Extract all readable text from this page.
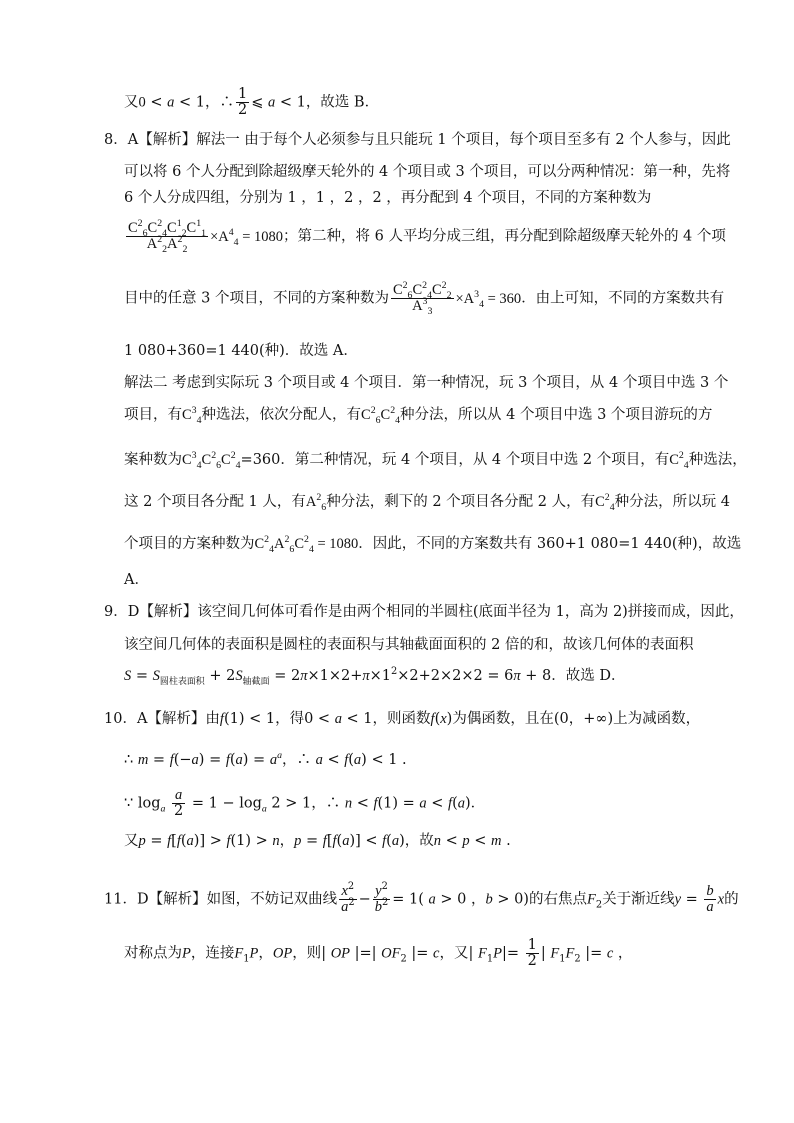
又0 < a < 1，∴ $\frac{1}{2}$ ⩽ a < 1，故选 B．
8．A【解析】解法一 由于每个人必须参与且只能玩 1 个项目，每个项目至多有 2 个人参与，因此
可以将 6 个人分配到除超级摩天轮外的 4 个项目或 3 个项目，可以分两种情况：第一种，先将
6 个人分成四组，分别为 1 ，1 ，2 ，2 ，再分配到 4 个项目，不同的方案种数为
$\frac{C^2_6C^2_4C^1_2C^1_1}{A^2_2A^2_2} \times A^4_4 = 1080$；第二种，将 6 人平均分成三组，再分配到除超级摩天轮外的 4 个项
目中的任意 3 个项目，不同的方案种数为 $\frac{C^2_6C^2_4C^2_2}{A^3_3} \times A^3_4 = 360$．由上可知，不同的方案数共有
1 080+360=1 440(种)．故选 A．
解法二 考虑到实际玩 3 个项目或 4 个项目．第一种情况，玩 3 个项目，从 4 个项目中选 3 个
项目，有$C^3_4$种选法，依次分配人，有$C^2_6C^2_4$种分法，所以从 4 个项目中选 3 个项目游玩的方
案种数为$C^3_4C^2_6C^2_4=360$．第二种情况，玩 4 个项目，从 4 个项目中选 2 个项目，有$C^2_4$种选法，
这 2 个项目各分配 1 人，有$A^2_6$种分法，剩下的 2 个项目各分配 2 人，有$C^2_4$种分法，所以玩 4
个项目的方案种数为$C^2_4A^2_6C^2_4 = 1080$．因此，不同的方案数共有 360+1 080=1 440(种)，故选
A．
9．D【解析】该空间几何体可看作是由两个相同的半圆柱(底面半径为 1，高为 2)拼接而成，因此，
该空间几何体的表面积是圆柱的表面积与其轴截面面积的 2 倍的和，故该几何体的表面积
$S = S_{圆柱表面积} + 2S_{轴截面} = 2\pi\times 1\times 2+\pi\times 1^2\times 2+2\times 2\times 2 = 6\pi + 8$．故选 D．
10．A【解析】由f(1) < 1，得0 < a < 1，则函数f(x)为偶函数，且在(0，+∞)上为减函数，
∴ $m = f(-a) = f(a) = a^a$，∴ a < f(a) < 1 .
∵ $\log_a \frac{a}{2} = 1 - \log_a 2 > 1$，∴ n < f(1) = a < f(a)．
又p = f[f(a)] > f(1) > n，p = f[f(a)] < f(a)，故n < p < m .
11．D【解析】如图，不妨记双曲线 $\frac{x^2}{a^2} - \frac{y^2}{b^2} = 1$( a > 0 ，b > 0)的右焦点$F_2$关于渐近线$y = \frac{b}{a}$ x的
对称点为P，连接$F_1P$，OP，则| OP |=| $OF_2$ |= c，又| $F_1P|= \frac{1}{2}$ | $F_1F_2$ |= c ，
